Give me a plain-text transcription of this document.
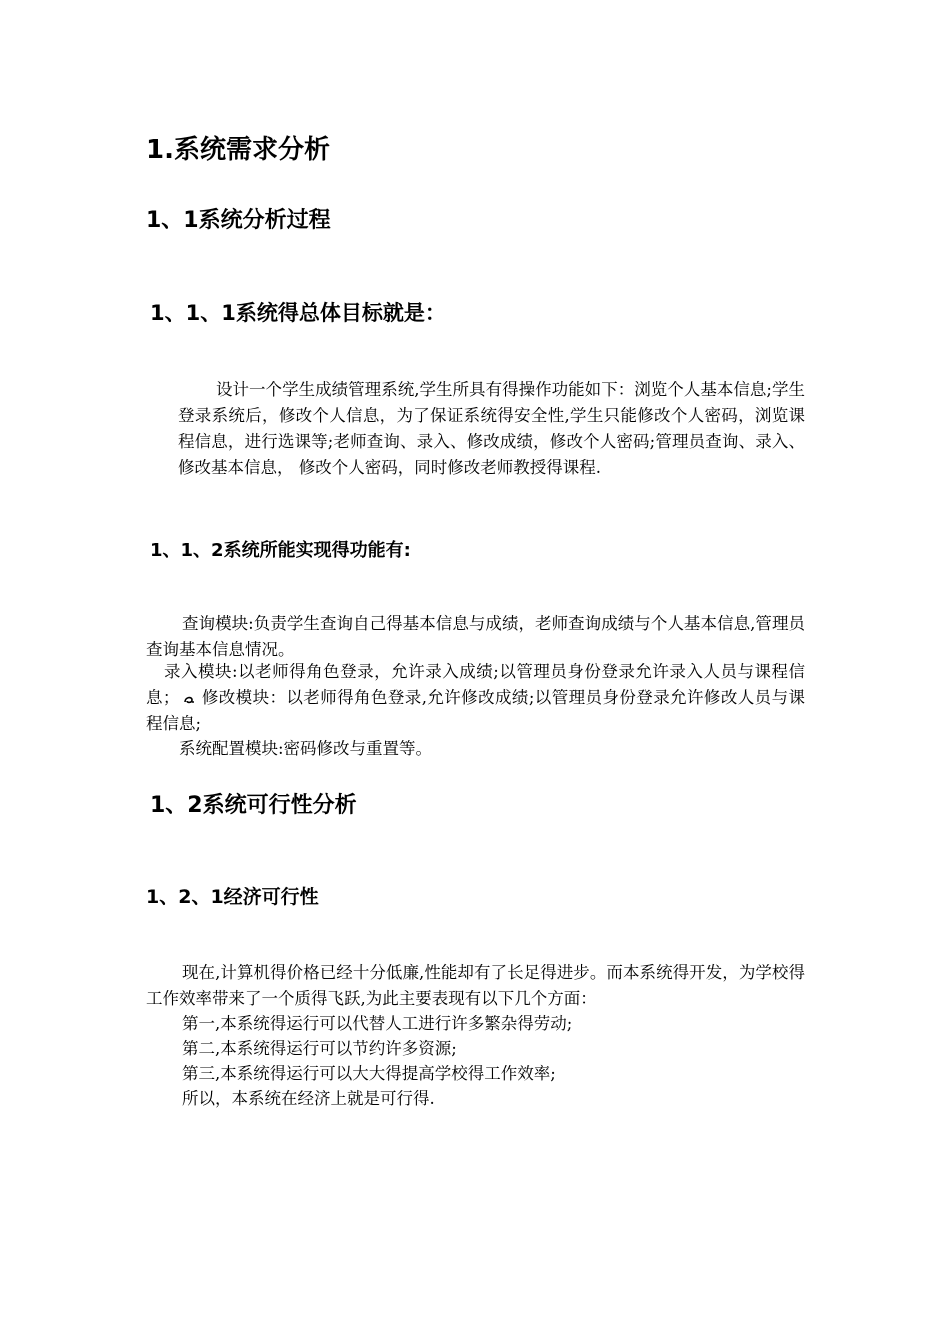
1.系统需求分析
1、1系统分析过程
1、1、1系统得总体目标就是：
设计一个学生成绩管理系统,学生所具有得操作功能如下：浏览个人基本信息;学生登录系统后，修改个人信息，为了保证系统得安全性,学生只能修改个人密码，浏览课程信息，进行选课等;老师查询、录入、修改成绩，修改个人密码;管理员查询、录入、修改基本信息， 修改个人密码，同时修改老师教授得课程.
1、1、2系统所能实现得功能有:
查询模块:负责学生查询自己得基本信息与成绩，老师查询成绩与个人基本信息,管理员查询基本信息情况。
录入模块:以老师得角色登录，允许录入成绩;以管理员身份登录允许录入人员与课程信息； 修改模块：以老师得角色登录,允许修改成绩;以管理员身份登录允许修改人员与课程信息;
系统配置模块:密码修改与重置等。
1、2系统可行性分析
1、2、1经济可行性
现在,计算机得价格已经十分低廉,性能却有了长足得进步。而本系统得开发，为学校得工作效率带来了一个质得飞跃,为此主要表现有以下几个方面：
第一,本系统得运行可以代替人工进行许多繁杂得劳动;
第二,本系统得运行可以节约许多资源;
第三,本系统得运行可以大大得提高学校得工作效率;
所以，本系统在经济上就是可行得.
